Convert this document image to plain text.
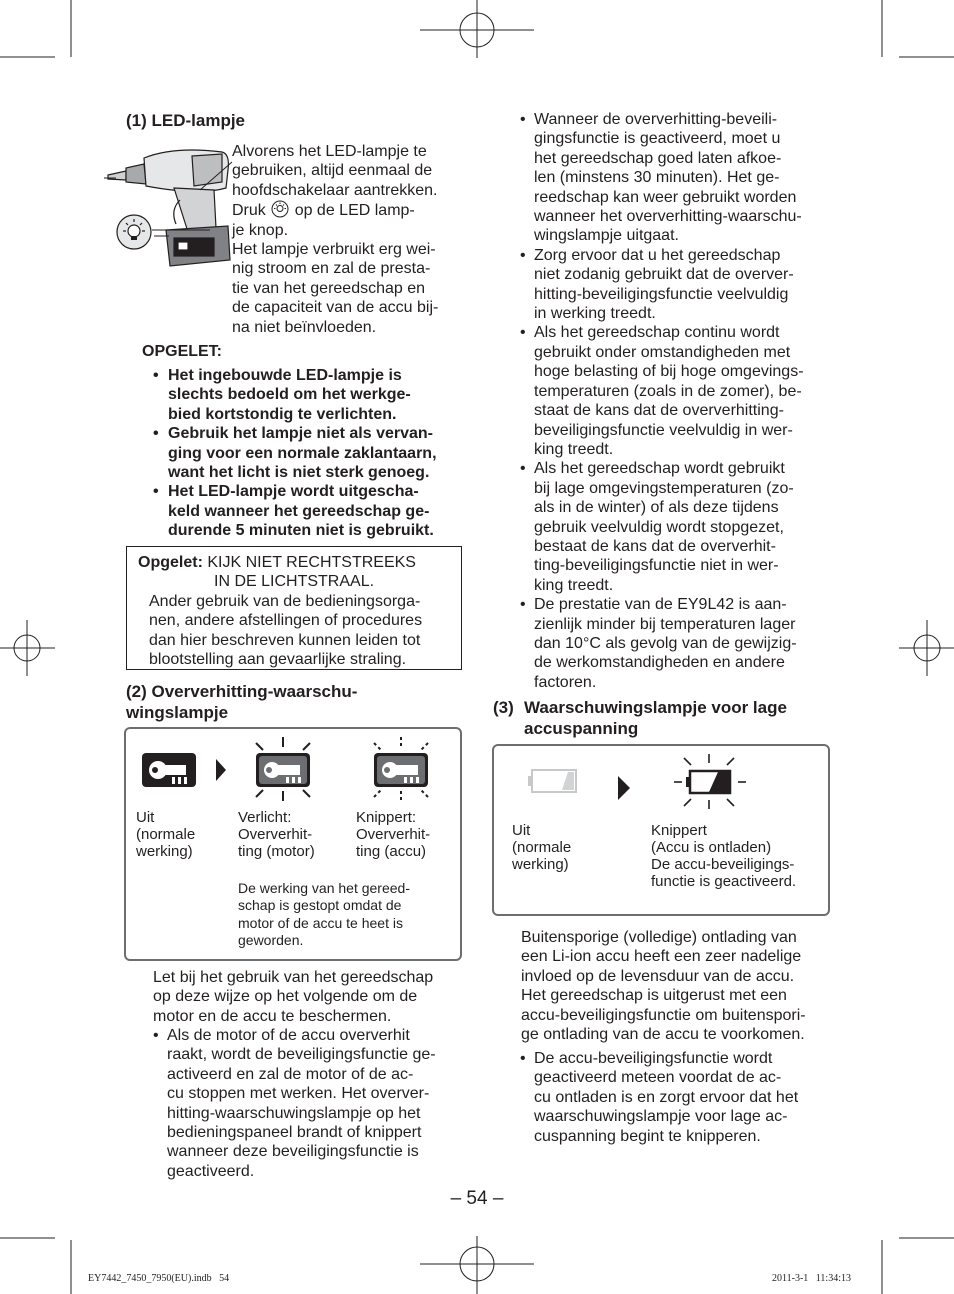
(1) LED-lampje
Alvorens het LED-lampje te
gebruiken, altijd eenmaal de
hoofdschakelaar aantrekken.
Druk op de LED lamp-
je knop.
Het lampje verbruikt erg wei-
nig stroom en zal de presta-
tie van het gereedschap en
de capaciteit van de accu bij-
na niet beïnvloeden.
OPGELET:
• Het ingebouwde LED-lampje is
slechts bedoeld om het werkge-
bied kortstondig te verlichten.
• Gebruik het lampje niet als vervan-
ging voor een normale zaklantaarn,
want het licht is niet sterk genoeg.
• Het LED-lampje wordt uitgescha-
keld wanneer het gereedschap ge-
durende 5 minuten niet is gebruikt.
Opgelet: KIJK NIET RECHTSTREEKS
IN DE LICHTSTRAAL.
Ander gebruik van de bedieningsorga-
nen, andere afstellingen of procedures
dan hier beschreven kunnen leiden tot
blootstelling aan gevaarlijke straling.
(2) Oververhitting-waarschu-
wingslampje
Uit
(normale
werking)
Verlicht:
Oververhit-
ting (motor)
Knippert:
Oververhit-
ting (accu)
De werking van het gereed-
schap is gestopt omdat de
motor of de accu te heet is
geworden.
Let bij het gebruik van het gereedschap
op deze wijze op het volgende om de
motor en de accu te beschermen.
• Als de motor of de accu oververhit
raakt, wordt de beveiligingsfunctie ge-
activeerd en zal de motor of de ac-
cu stoppen met werken. Het overver-
hitting-waarschuwingslampje op het
bedieningspaneel brandt of knippert
wanneer deze beveiligingsfunctie is
geactiveerd.
• Wanneer de oververhitting-beveili-
gingsfunctie is geactiveerd, moet u
het gereedschap goed laten afkoe-
len (minstens 30 minuten). Het ge-
reedschap kan weer gebruikt worden
wanneer het oververhitting-waarschu-
wingslampje uitgaat.
• Zorg ervoor dat u het gereedschap
niet zodanig gebruikt dat de overver-
hitting-beveiligingsfunctie veelvuldig
in werking treedt.
• Als het gereedschap continu wordt
gebruikt onder omstandigheden met
hoge belasting of bij hoge omgevings-
temperaturen (zoals in de zomer), be-
staat de kans dat de oververhitting-
beveiligingsfunctie veelvuldig in wer-
king treedt.
• Als het gereedschap wordt gebruikt
bij lage omgevingstemperaturen (zo-
als in de winter) of als deze tijdens
gebruik veelvuldig wordt stopgezet,
bestaat de kans dat de oververhit-
ting-beveiligingsfunctie niet in wer-
king treedt.
• De prestatie van de EY9L42 is aan-
zienlijk minder bij temperaturen lager
dan 10°C als gevolg van de gewijzig-
de werkomstandigheden en andere
factoren.
(3) Waarschuwingslampje voor lage
accuspanning
Uit
(normale
werking)
Knippert
(Accu is ontladen)
De accu-beveiligings-
functie is geactiveerd.
Buitensporige (volledige) ontlading van
een Li-ion accu heeft een zeer nadelige
invloed op de levensduur van de accu.
Het gereedschap is uitgerust met een
accu-beveiligingsfunctie om buitenspori-
ge ontlading van de accu te voorkomen.
• De accu-beveiligingsfunctie wordt
geactiveerd meteen voordat de ac-
cu ontladen is en zorgt ervoor dat het
waarschuwingslampje voor lage ac-
cuspanning begint te knipperen.
– 54 –
EY7442_7450_7950(EU).indb   54	2011-3-1   11:34:13
